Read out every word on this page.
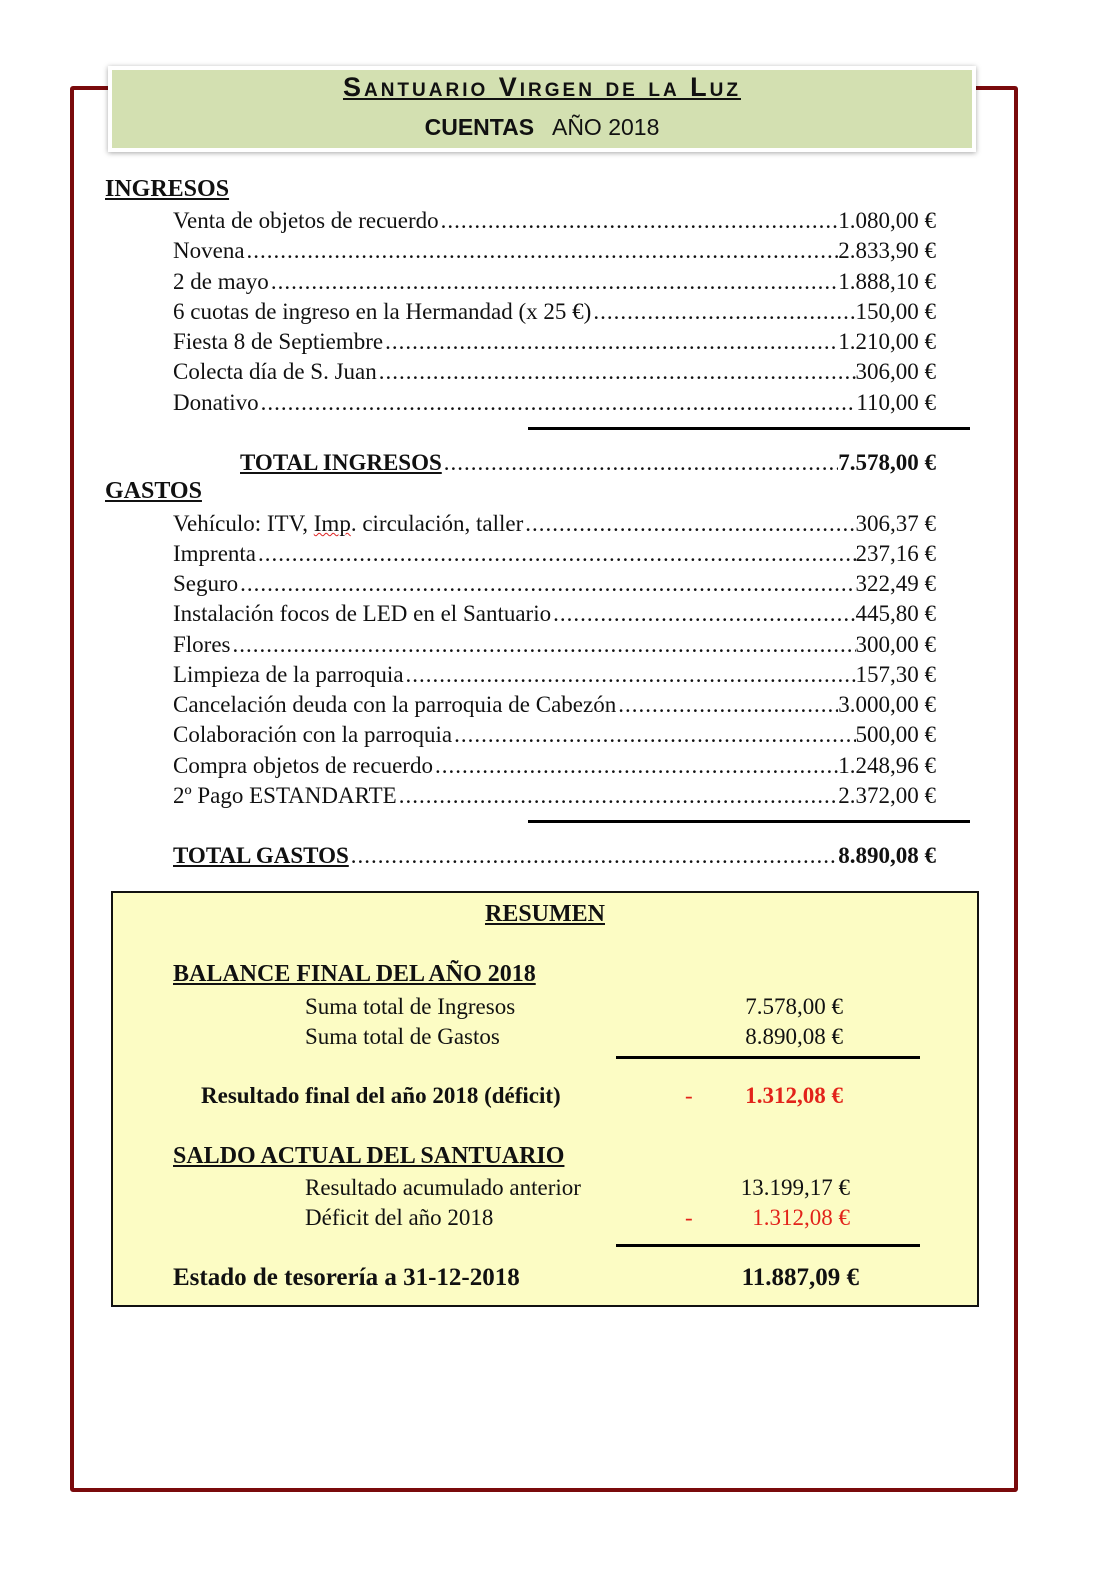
Santuario Virgen de la Luz
CUENTAS AÑO 2018
INGRESOS
Venta de objetos de recuerdo .....	1.080,00 €
Novena .....	2.833,90 €
2 de mayo .....	1.888,10 €
6 cuotas de ingreso en la Hermandad (x 25 €) .....	150,00 €
Fiesta 8 de Septiembre .....	1.210,00 €
Colecta día de S. Juan .....	306,00 €
Donativo .....	110,00 €
TOTAL INGRESOS .....	7.578,00 €
GASTOS
Vehículo: ITV, Imp. circulación, taller .....	306,37 €
Imprenta .....	237,16 €
Seguro .....	322,49 €
Instalación focos de LED en el Santuario .....	445,80 €
Flores .....	300,00 €
Limpieza de la parroquia .....	157,30 €
Cancelación deuda con la parroquia de Cabezón .....	3.000,00 €
Colaboración con la parroquia .....	500,00 €
Compra objetos de recuerdo .....	1.248,96 €
2º Pago ESTANDARTE .....	2.372,00 €
TOTAL GASTOS .....	8.890,08 €
RESUMEN
BALANCE FINAL DEL AÑO 2018
Suma total de Ingresos	7.578,00 €
Suma total de Gastos	8.890,08 €
Resultado final del año 2018 (déficit)	- 1.312,08 €
SALDO ACTUAL DEL SANTUARIO
Resultado acumulado anterior	13.199,17 €
Déficit del año 2018	-	1.312,08 €
Estado de tesorería a 31-12-2018	11.887,09 €
